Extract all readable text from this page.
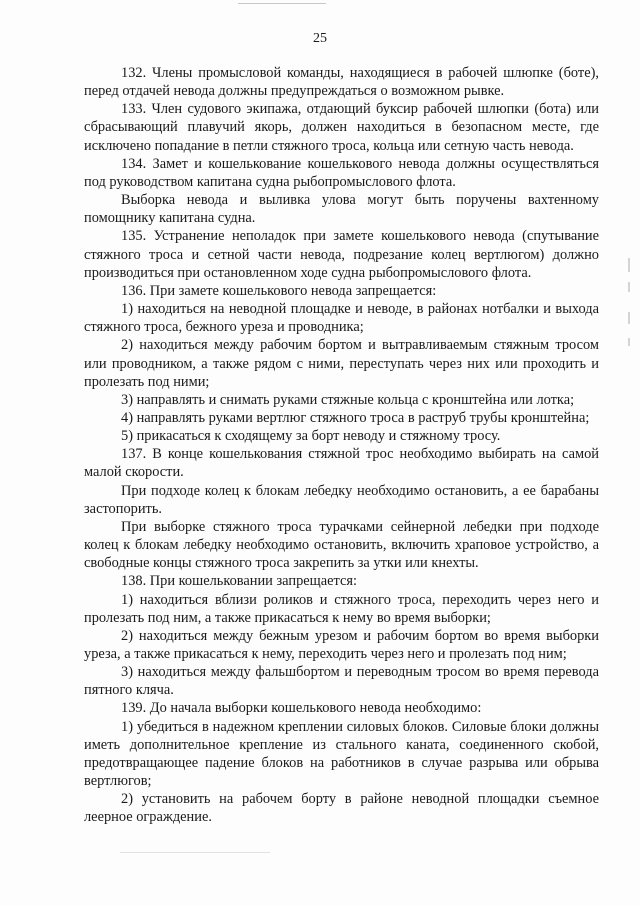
25

132. Члены промысловой команды, находящиеся в рабочей шлюпке (боте), перед отдачей невода должны предупреждаться о возможном рывке.

133. Член судового экипажа, отдающий буксир рабочей шлюпки (бота) или сбрасывающий плавучий якорь, должен находиться в безопасном месте, где исключено попадание в петли стяжного троса, кольца или сетную часть невода.

134. Замет и кошелькование кошелькового невода должны осуществляться под руководством капитана судна рыбопромыслового флота.

Выборка невода и выливка улова могут быть поручены вахтенному помощнику капитана судна.

135. Устранение неполадок при замете кошелькового невода (спутывание стяжного троса и сетной части невода, подрезание колец вертлюгом) должно производиться при остановленном ходе судна рыбопромыслового флота.

136. При замете кошелькового невода запрещается:

1) находиться на неводной площадке и неводе, в районах нотбалки и выхода стяжного троса, бежного уреза и проводника;

2) находиться между рабочим бортом и вытравливаемым стяжным тросом или проводником, а также рядом с ними, переступать через них или проходить и пролезать под ними;

3) направлять и снимать руками стяжные кольца с кронштейна или лотка;

4) направлять руками вертлюг стяжного троса в раструб трубы кронштейна;

5) прикасаться к сходящему за борт неводу и стяжному тросу.

137. В конце кошелькования стяжной трос необходимо выбирать на самой малой скорости.

При подходе колец к блокам лебедку необходимо остановить, а ее барабаны застопорить.

При выборке стяжного троса турачками сейнерной лебедки при подходе колец к блокам лебедку необходимо остановить, включить храповое устройство, а свободные концы стяжного троса закрепить за утки или кнехты.

138. При кошельковании запрещается:

1) находиться вблизи роликов и стяжного троса, переходить через него и пролезать под ним, а также прикасаться к нему во время выборки;

2) находиться между бежным урезом и рабочим бортом во время выборки уреза, а также прикасаться к нему, переходить через него и пролезать под ним;

3) находиться между фальшбортом и переводным тросом во время перевода пятного кляча.

139. До начала выборки кошелькового невода необходимо:

1) убедиться в надежном креплении силовых блоков. Силовые блоки должны иметь дополнительное крепление из стального каната, соединенного скобой, предотвращающее падение блоков на работников в случае разрыва или обрыва вертлюгов;

2) установить на рабочем борту в районе неводной площадки съемное леерное ограждение.
